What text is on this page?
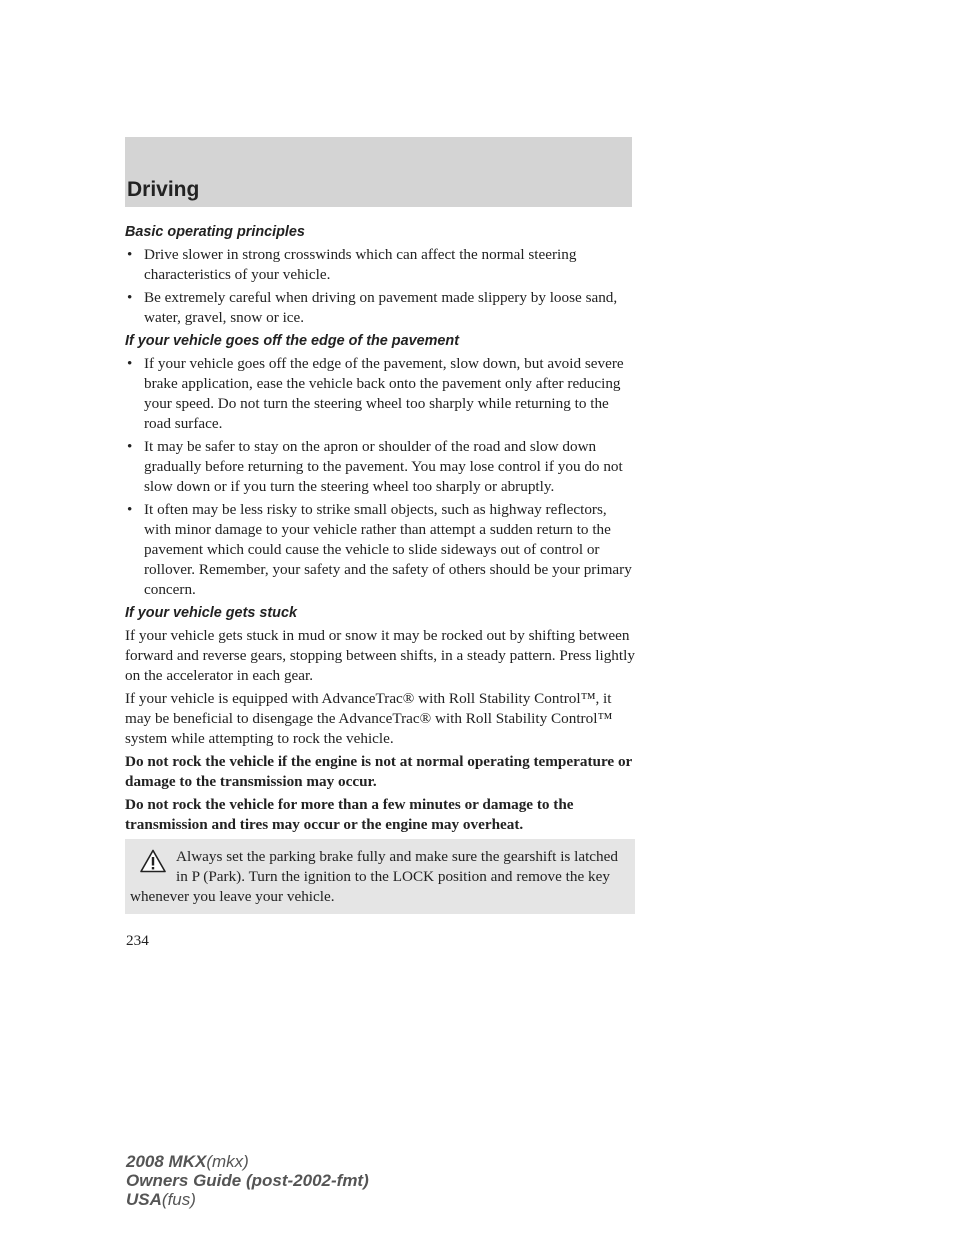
Driving
Basic operating principles
• Drive slower in strong crosswinds which can affect the normal steering characteristics of your vehicle.
• Be extremely careful when driving on pavement made slippery by loose sand, water, gravel, snow or ice.
If your vehicle goes off the edge of the pavement
• If your vehicle goes off the edge of the pavement, slow down, but avoid severe brake application, ease the vehicle back onto the pavement only after reducing your speed. Do not turn the steering wheel too sharply while returning to the road surface.
• It may be safer to stay on the apron or shoulder of the road and slow down gradually before returning to the pavement. You may lose control if you do not slow down or if you turn the steering wheel too sharply or abruptly.
• It often may be less risky to strike small objects, such as highway reflectors, with minor damage to your vehicle rather than attempt a sudden return to the pavement which could cause the vehicle to slide sideways out of control or rollover. Remember, your safety and the safety of others should be your primary concern.
If your vehicle gets stuck

If your vehicle gets stuck in mud or snow it may be rocked out by shifting between forward and reverse gears, stopping between shifts, in a steady pattern. Press lightly on the accelerator in each gear.

If your vehicle is equipped with AdvanceTrac® with Roll Stability Control™, it may be beneficial to disengage the AdvanceTrac® with Roll Stability Control™ system while attempting to rock the vehicle.

Do not rock the vehicle if the engine is not at normal operating temperature or damage to the transmission may occur.

Do not rock the vehicle for more than a few minutes or damage to the transmission and tires may occur or the engine may overheat.

Always set the parking brake fully and make sure the gearshift is latched in P (Park). Turn the ignition to the LOCK position and remove the key whenever you leave your vehicle.
234
2008 MKX(mkx)
Owners Guide (post-2002-fmt)
USA(fus)
